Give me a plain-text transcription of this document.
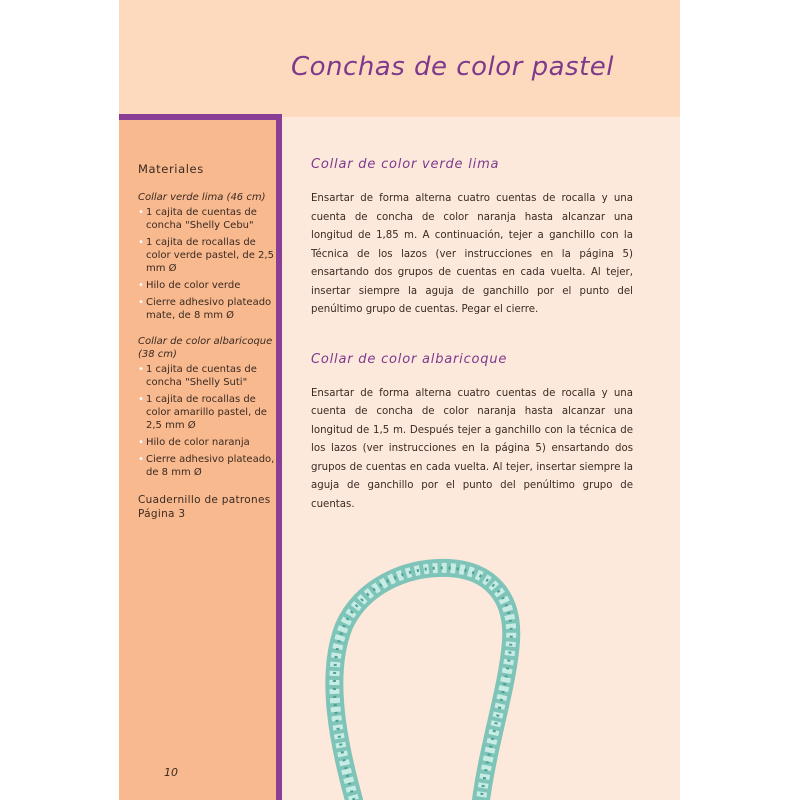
Conchas de color pastel
Materiales
Collar verde lima (46 cm)
• 1 cajita de cuentas de concha "Shelly Cebu"
• 1 cajita de rocallas de color verde pastel, de 2,5 mm Ø
• Hilo de color verde
• Cierre adhesivo plateado mate, de 8 mm Ø
Collar de color albaricoque (38 cm)
• 1 cajita de cuentas de concha "Shelly Suti"
• 1 cajita de rocallas de color amarillo pastel, de 2,5 mm Ø
• Hilo de color naranja
• Cierre adhesivo plateado, de 8 mm Ø
Cuadernillo de patrones
Página 3
Collar de color verde lima

Ensartar de forma alterna cuatro cuentas de rocalla y una cuenta de concha de color naranja hasta alcanzar una longitud de 1,85 m. A continuación, tejer a ganchillo con la Técnica de los lazos (ver instrucciones en la página 5) ensartando dos grupos de cuentas en cada vuelta. Al tejer, insertar siempre la aguja de ganchillo por el punto del penúltimo grupo de cuentas. Pegar el cierre.

Collar de color albaricoque

Ensartar de forma alterna cuatro cuentas de rocalla y una cuenta de concha de color naranja hasta alcanzar una longitud de 1,5 m. Después tejer a ganchillo con la técnica de los lazos (ver instrucciones en la página 5) ensartando dos grupos de cuentas en cada vuelta. Al tejer, insertar siempre la aguja de ganchillo por el punto del penúltimo grupo de cuentas.

10
